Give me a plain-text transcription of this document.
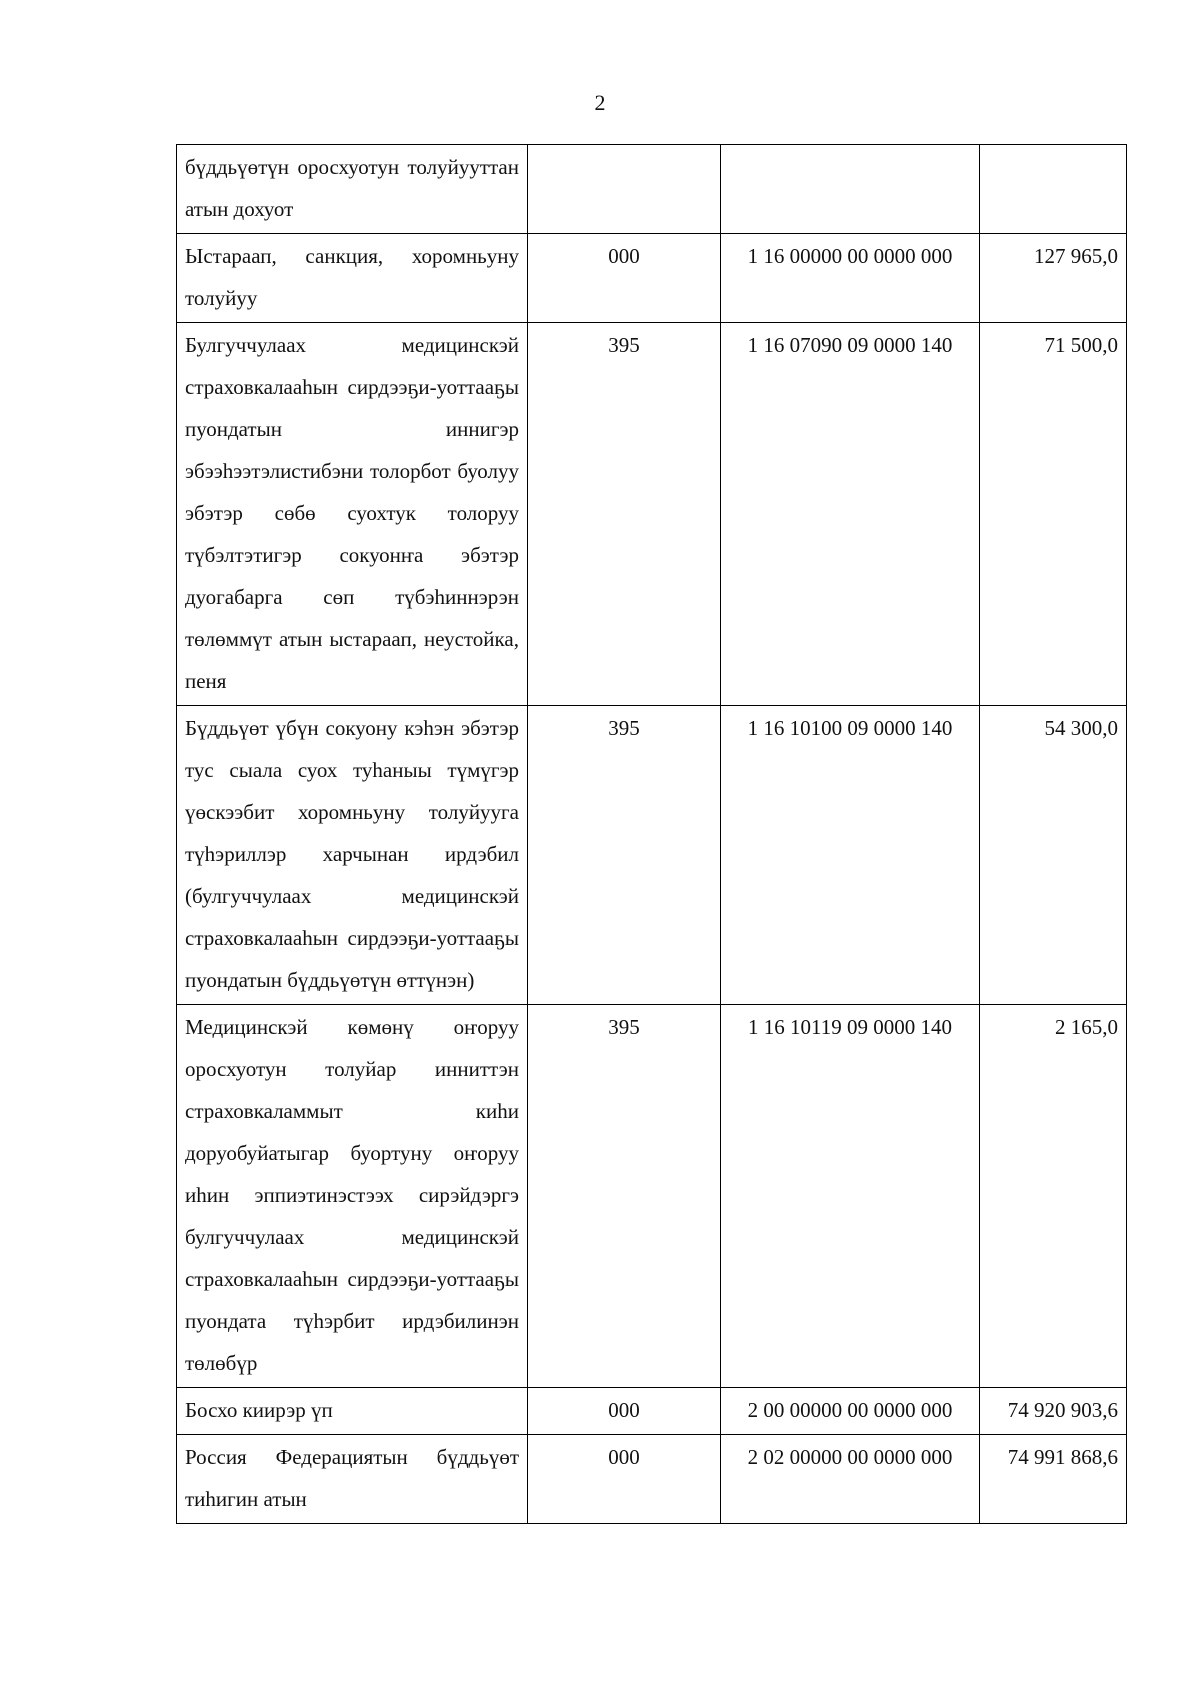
2
бүддьүөтүн оросхуотун толуйууттан атын дохуот			
Ыстараап, санкция, хоромньуну толуйуу	000	1 16 00000 00 0000 000	127 965,0
Булгуччулаах медицинскэй страховкалааһын сирдээҕи-уоттааҕы пуондатын иннигэр эбээһээтэлистибэни толорбот буолуу эбэтэр сөбө суохтук толоруу түбэлтэтигэр сокуонҥа эбэтэр дуогабарга сөп түбэһиннэрэн төлөммүт атын ыстараап, неустойка, пеня	395	1 16 07090 09 0000 140	71 500,0
Бүддьүөт үбүн сокуону кэһэн эбэтэр тус сыала суох туһаныы түмүгэр үөскээбит хоромньуну толуйууга түһэриллэр харчынан ирдэбил (булгуччулаах медицинскэй страховкалааһын сирдээҕи-уоттааҕы пуондатын бүддьүөтүн өттүнэн)	395	1 16 10100 09 0000 140	54 300,0
Медицинскэй көмөнү оҥоруу оросхуотун толуйар инниттэн страховкаламмыт киһи доруобуйатыгар буортуну оҥоруу иһин эппиэтинэстээх сирэйдэргэ булгуччулаах медицинскэй страховкалааһын сирдээҕи-уоттааҕы пуондата түһэрбит ирдэбилинэн төлөбүр	395	1 16 10119 09 0000 140	2 165,0
Босхо киирэр үп	000	2 00 00000 00 0000 000	74 920 903,6
Россия Федерациятын бүддьүөт тиһигин атын	000	2 02 00000 00 0000 000	74 991 868,6
